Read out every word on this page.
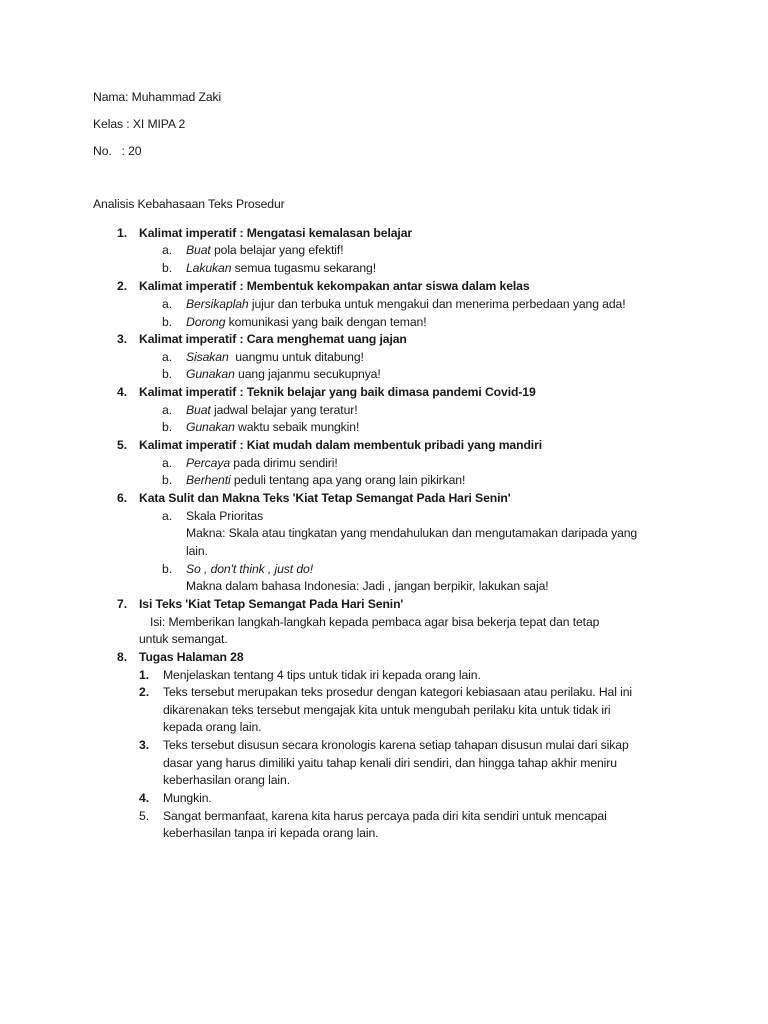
Nama: Muhammad Zaki
Kelas : XI MIPA 2
No.   : 20
Analisis Kebahasaan Teks Prosedur
1. Kalimat imperatif : Mengatasi kemalasan belajar
a. Buat pola belajar yang efektif!
b. Lakukan semua tugasmu sekarang!
2. Kalimat imperatif : Membentuk kekompakan antar siswa dalam kelas
a. Bersikaplah jujur dan terbuka untuk mengakui dan menerima perbedaan yang ada!
b. Dorong komunikasi yang baik dengan teman!
3. Kalimat imperatif : Cara menghemat uang jajan
a. Sisakan  uangmu untuk ditabung!
b. Gunakan uang jajanmu secukupnya!
4. Kalimat imperatif : Teknik belajar yang baik dimasa pandemi Covid-19
a. Buat jadwal belajar yang teratur!
b. Gunakan waktu sebaik mungkin!
5. Kalimat imperatif : Kiat mudah dalam membentuk pribadi yang mandiri
a. Percaya pada dirimu sendiri!
b. Berhenti peduli tentang apa yang orang lain pikirkan!
6. Kata Sulit dan Makna Teks 'Kiat Tetap Semangat Pada Hari Senin'
a. Skala Prioritas
Makna: Skala atau tingkatan yang mendahulukan dan mengutamakan daripada yang
lain.
b. So , don't think , just do!
Makna dalam bahasa Indonesia: Jadi , jangan berpikir, lakukan saja!
7. Isi Teks 'Kiat Tetap Semangat Pada Hari Senin'
Isi: Memberikan langkah-langkah kepada pembaca agar bisa bekerja tepat dan tetap
untuk semangat.
8. Tugas Halaman 28
1. Menjelaskan tentang 4 tips untuk tidak iri kepada orang lain.
2. Teks tersebut merupakan teks prosedur dengan kategori kebiasaan atau perilaku. Hal ini
dikarenakan teks tersebut mengajak kita untuk mengubah perilaku kita untuk tidak iri
kepada orang lain.
3. Teks tersebut disusun secara kronologis karena setiap tahapan disusun mulai dari sikap
dasar yang harus dimiliki yaitu tahap kenali diri sendiri, dan hingga tahap akhir meniru
keberhasilan orang lain.
4. Mungkin.
5. Sangat bermanfaat, karena kita harus percaya pada diri kita sendiri untuk mencapai
keberhasilan tanpa iri kepada orang lain.
